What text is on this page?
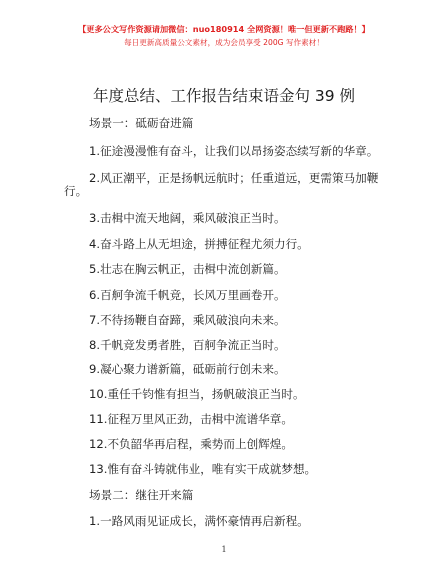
【更多公文写作资源请加微信：nuo180914 全网资源！唯一但更新不跑路！】
每日更新高质量公文素材，成为会员享受 200G 写作素材！
年度总结、工作报告结束语金句 39 例
场景一：砥砺奋进篇
1.征途漫漫惟有奋斗，让我们以昂扬姿态续写新的华章。
2.风正潮平，正是扬帆远航时；任重道远，更需策马加鞭
行。
3.击楫中流天地阔，乘风破浪正当时。
4.奋斗路上从无坦途，拼搏征程尤须力行。
5.壮志在胸云帆正，击楫中流创新篇。
6.百舸争流千帆竞，长风万里画卷开。
7.不待扬鞭自奋蹄，乘风破浪向未来。
8.千帆竞发勇者胜，百舸争流正当时。
9.凝心聚力谱新篇，砥砺前行创未来。
10.重任千钧惟有担当，扬帆破浪正当时。
11.征程万里风正劲，击楫中流谱华章。
12.不负韶华再启程，乘势而上创辉煌。
13.惟有奋斗铸就伟业，唯有实干成就梦想。
场景二：继往开来篇
1.一路风雨见证成长，满怀豪情再启新程。
1
